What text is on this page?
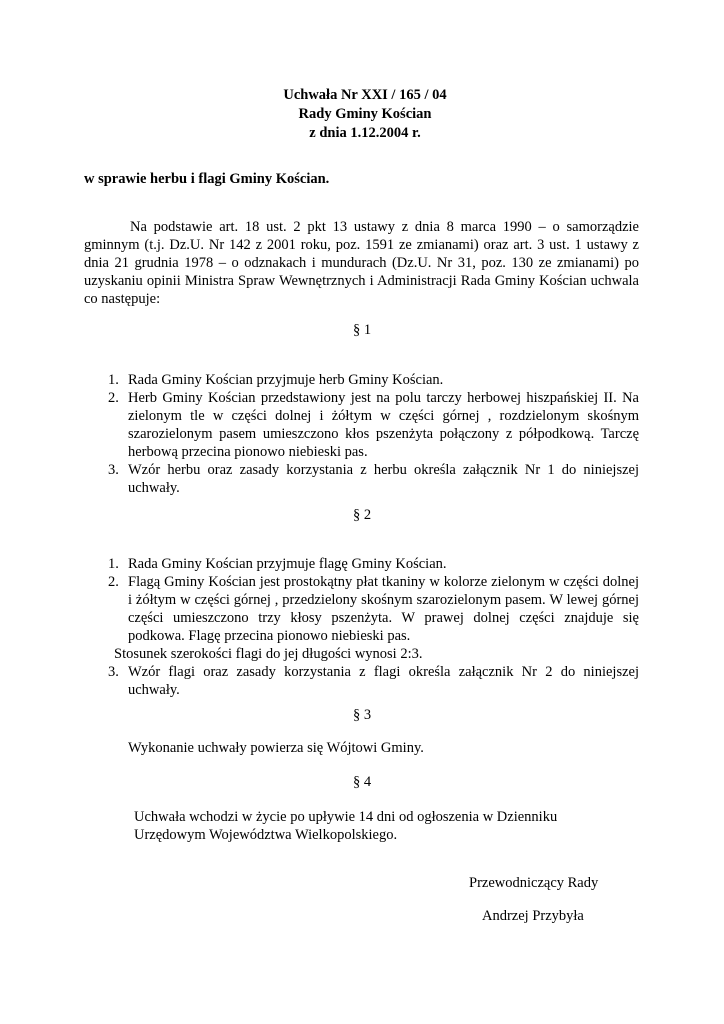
Uchwała Nr XXI / 165 / 04
Rady Gminy Kościan
z dnia 1.12.2004 r.
w sprawie herbu i flagi Gminy Kościan.
Na podstawie art. 18 ust. 2 pkt 13 ustawy z dnia 8 marca 1990 – o samorządzie gminnym (t.j. Dz.U. Nr 142 z 2001 roku, poz. 1591 ze zmianami) oraz art. 3 ust. 1 ustawy z dnia 21 grudnia 1978 – o odznakach i mundurach (Dz.U. Nr 31, poz. 130 ze zmianami) po uzyskaniu opinii Ministra Spraw Wewnętrznych i Administracji Rada Gminy Kościan uchwala co następuje:
§ 1
1. Rada Gminy Kościan przyjmuje herb Gminy Kościan.
2. Herb Gminy Kościan przedstawiony jest na polu tarczy herbowej hiszpańskiej II. Na zielonym tle w części dolnej i żółtym w części górnej , rozdzielonym skośnym szarozielonym pasem umieszczono kłos pszenżyta połączony z półpodkową. Tarczę herbową przecina pionowo niebieski pas.
3. Wzór herbu oraz zasady korzystania z herbu określa załącznik Nr 1 do niniejszej uchwały.
§ 2
1. Rada Gminy Kościan przyjmuje flagę Gminy Kościan.
2. Flagą Gminy Kościan jest prostokątny płat tkaniny w kolorze zielonym w części dolnej i żółtym w części górnej , przedzielony skośnym szarozielonym pasem. W lewej górnej części umieszczono trzy kłosy pszenżyta. W prawej dolnej części znajduje się podkowa. Flagę przecina pionowo niebieski pas.
Stosunek szerokości flagi do jej długości wynosi 2:3.
3. Wzór flagi oraz zasady korzystania z flagi określa załącznik Nr 2 do niniejszej uchwały.
§ 3
Wykonanie uchwały powierza się Wójtowi Gminy.
§ 4
Uchwała wchodzi w życie po upływie 14 dni od ogłoszenia w Dzienniku Urzędowym Województwa Wielkopolskiego.
Przewodniczący Rady
Andrzej Przybyła
